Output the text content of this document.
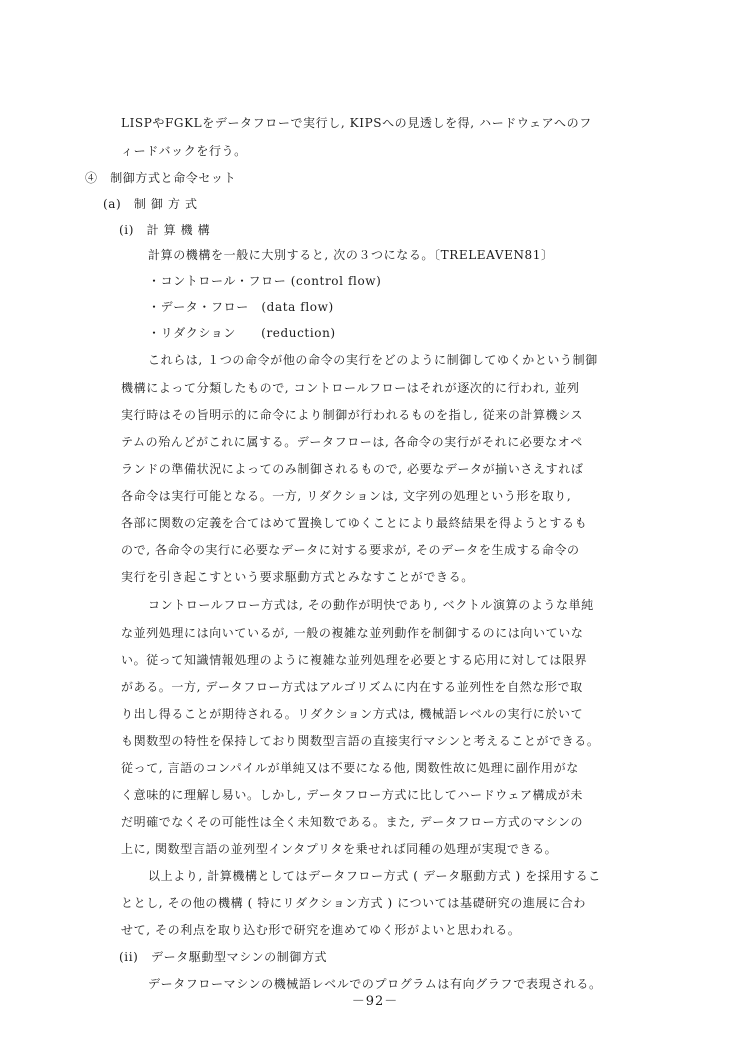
LISPやFGKLをデータフローで実行し, KIPSへの見透しを得, ハードウェアへのフ
ィードバックを行う。
④　制御方式と命令セット
(a)　制 御 方 式
(i)　計 算 機 構
計算の機構を一般に大別すると, 次の３つになる。〔TRELEAVEN81〕
・コントロール・フロー (control flow)
・データ・フロー　(data flow)
・リダクション　　(reduction)
これらは, １つの命令が他の命令の実行をどのように制御してゆくかという制御
機構によって分類したもので, コントロールフローはそれが逐次的に行われ, 並列
実行時はその旨明示的に命令により制御が行われるものを指し, 従来の計算機シス
テムの殆んどがこれに属する。データフローは, 各命令の実行がそれに必要なオペ
ランドの準備状況によってのみ制御されるもので, 必要なデータが揃いさえすれば
各命令は実行可能となる。一方, リダクションは, 文字列の処理という形を取り,
各部に関数の定義を合てはめて置換してゆくことにより最終結果を得ようとするも
ので, 各命令の実行に必要なデータに対する要求が, そのデータを生成する命令の
実行を引き起こすという要求駆動方式とみなすことができる。
コントロールフロー方式は, その動作が明快であり, ベクトル演算のような単純
な並列処理には向いているが, 一般の複雑な並列動作を制御するのには向いていな
い。従って知識情報処理のように複雑な並列処理を必要とする応用に対しては限界
がある。一方, データフロー方式はアルゴリズムに内在する並列性を自然な形で取
り出し得ることが期待される。リダクション方式は, 機械語レベルの実行に於いて
も関数型の特性を保持しており関数型言語の直接実行マシンと考えることができる。
従って, 言語のコンパイルが単純又は不要になる他, 関数性故に処理に副作用がな
く意味的に理解し易い。しかし, データフロー方式に比してハードウェア構成が未
だ明確でなくその可能性は全く未知数である。また, データフロー方式のマシンの
上に, 関数型言語の並列型インタプリタを乗せれば同種の処理が実現できる。
以上より, 計算機構としてはデータフロー方式 ( データ駆動方式 ) を採用するこ
ととし, その他の機構 ( 特にリダクション方式 ) については基礎研究の進展に合わ
せて, その利点を取り込む形で研究を進めてゆく形がよいと思われる。
(ii)　データ駆動型マシンの制御方式
データフローマシンの機械語レベルでのプログラムは有向グラフで表現される。
－92－
